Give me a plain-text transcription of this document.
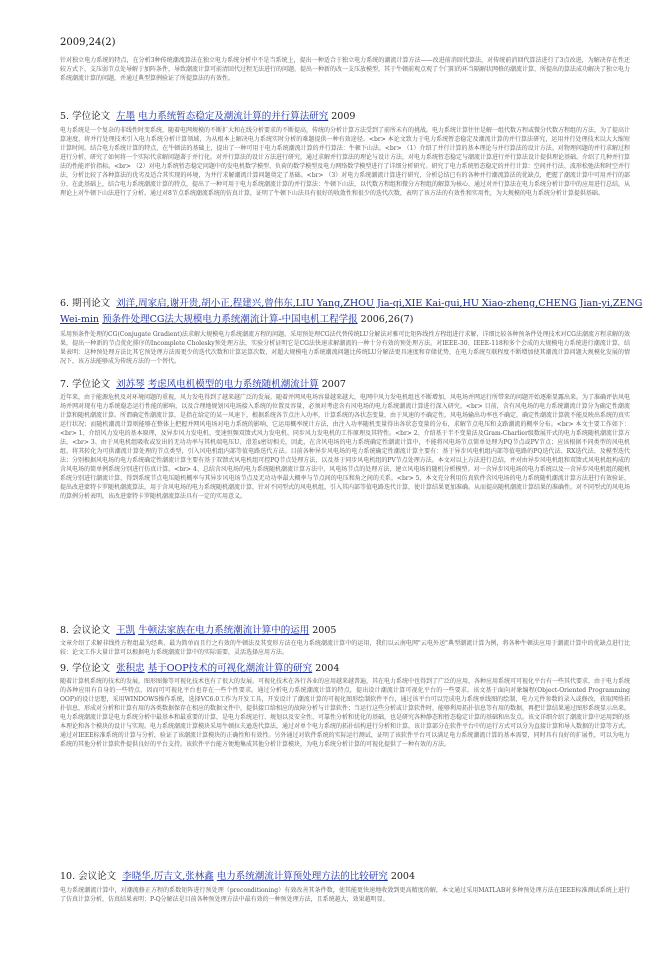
2009,24(2)
针对独立电力系统的特点，在分析3种传统潮流算法在独立电力系统分析中不是当系统上，提出一种适合于独立电力系统的潮流计算方法——改进前消回代算法，对传统前消回代算法进行了3点改进，为解决存在性还较方式下，支压弱节点处导解于加阵条件，导致潮流计算可前清回代过程无法进行的问题，提出一种新的改一支压放模型，其于牛顿前观点观了个门阳的环当隔解状网格的潮流计算，所提出的算法成功解决了独立电力系统潮流计算的问题，并通过典型算例验证了所提算法的有效性。
5. 学位论文 左墨 电力系统暂态稳定及潮流计算的并行算法研究 2009
电力系统是一个复杂的非线性时变系统，随着电网规模的不断扩大和在线分析要求的不断提高，传统的分析计算方法受到了前所未有的挑战。电力系统计算往往是解一组代数方程或微分代数方程组的方法，为了提高计算速度，将并行处理技术引入电力系统分析计算领域，为从根本上解决电力系统实时分析的难题提供一种有效途径。<br> 本论文致力于电力系统暂态稳定及潮流计算的并行算法研究，运用并行处理技术以大大缩短计算时间。结合电力系统计算的特点，在牛顿法的基础上，提出了一种可用于电力系统潮流计算的并行算法：牛顿下山法。<br> （1）介绍了并行计算的基本理论与并行算法的设计方法。对物理问题的并行求解过程进行分析，研究了如何将一个实际代求解问题著于并行化。对并行算法的设计方法进行研究，通过求解并行算法的理论与设计方法，对电力系统暂态稳定与潮流计算进行并行算法设计提供理论基础。介绍了几种并行算法的性能评价指标。<br> （2）对电力系统暂态稳定问题中的发电机数学模型、负荷的数学模型及电力网络数学模型进行了详细分析研究。研究了电力系统暂态稳定的并行计算：空间并行法、波形松弛法和时空并行法，分析比较了各种算法的优劣及适合其实现的环境，为并行求解潮流计算问题奠定了基础。<br> （3）对电力系统潮流计算进行研究，分析总结已有的各种并行潮流算法的优缺点，把握了潮流计算中可用并行的部分，在此基础上，结合电力系统潮流计算的特点，提出了一种可用于电力系统潮流计算的并行算法：牛顿下山法，以代数方程组和微分方程组的解算为核心，通过对并行算法在电力系统分析计算中的应用进行总结，从理论上对牛顿下山法进行了分析。通过对8节点系统潮流系统的仿真计算，证明了牛顿下山法具有很好的收敛性和很少的迭代次数，表明了该方法的有效性和实用性，为大规模的电力系统分析计算提供基础。
6. 期刊论文 刘洋,周家启,谢开贵,胡小正,程建兴,曾伟东,LIU Yang,ZHOU Jia-qi,XIE Kai-gui,HU Xiao-zheng,CHENG Jian-yi,ZENG Wei-min 预条件处理CG法大规模电力系统潮流计算-中国电机工程学报 2006,26(7)
采用预条件处理的CG(Conjugate Gradient)法求解大规模电力系统潮流方程的问题。采用预处理CG法代替传统LU分解法对雅可比矩阵线性方程组进行求解，详细比较各种预条件处理技术对CG法潮流方程求解的效果，提出一种新的节点优化排序的Incomplete Cholesky预处理方法，实验分析证明它是CG法快速求解潮流的一种十分有效的预处理方法。对IEEE-30、IEEE-118和多个会成的大规模电力系统进行潮流计算，结果表明：这种预处理方法比其它预处理方法需更少的迭代次数和计算运算次数，对超大规模电力系统潮流问题比传统LU分解法更具速度和存储优势，在电力系统互联程度不断增加使其潮流计算问题大规模化发展的情况下，该方法能够成为传统方法的一个替代。
7. 学位论文 刘苏琴 考虑风电机模型的电力系统随机潮流计算 2007
近年来，由于能源危机及对环境问题的重视，风力发电得到了越来越广泛的发展。随着并网风电场容量越来越大，电网中风力发电机组也不断增加，风电场并网运行所带来的问题开始逐渐显露出来。为了准确评估风电场并网对现有电力系统稳态运行性能的影响，以及合理地规划风电场接入系统的位置及容量，必须对考虑含有风电场的电力系统潮流计算进行深入研究。<br> 目前，含有风电场的电力系统潮流计算分为确定性潮流计算和随机潮流计算。所谓确定性潮流计算，是指在给定的某一风速下，根据系统各节点注入功率，计算系统的各状态变量，由于风速的不确定性，风电场输出功率也不确定，确定性潮流计算就不能反映出系统的真实运行状况；而随机潮流计算则能够在整体上把握并网风电场对电力系统的影响，它运用概率统计方法，由注入功率随机变量得出各状态变量的分布，求解节点电压和支路潮流的概率分布。<br> 本文主要工作如下：<br> 1、介绍风力发电的基本原理，及异步风力发电机、变速恒频双馈式风力发电机、同步风力发电机的工作原理及其特性。<br> 2、介绍基于半不变量法及Gram-Charlier级数展开式的电力系统随机潮流计算方法。<br> 3、由于风电机组吸收或发出的无功功率与其机端电压U、滑差s密切相关，因此，在含风电场的电力系统确定性潮流计算中，不能将风电场节点简单处理为PQ节点或PV节点；应该根据不同类型的风电机组，将其转化为可供潮流计算处理的节点类型，引入风电机组内部等值电路迭代方法。目前各种异步风电场的电力系统确定性潮流计算主要有：基于异步风电机组内部等值电路的PQ迭代法、RX迭代法、及模型迭代法；分别根据风电场的电力系统确定性潮流计算主要有基于双馈式风电机组可控PQ节点处理方法，以及基于同步风电机组的PV节点处理方法。本文对以上方法进行总结，并对由异步风电机组和双馈式风电机组构成的含风电场的简单例系统分别进行仿真计算。<br> 4、总结含风电场的电力系统随机潮流计算方法中，风电场节点的处理方法，建立风电场的随机分析模型。对一含异步风电场的电力系统以及一含异步风电机组的随机系统分别进行潮流计算，得到系统节点电压随机概率与其异步风电场节点及无功功率最大概率与节点间的电压和角之间的关系。<br> 5、本文充分利用仿真软件含风电场的电力系统随机潮流计算方法进行有效验证，提出改进蒙特卡罗随机潮流算法，用于含风电场的电力系统随机潮流计算，针对不同型式的风电机组，引入其内部等值电路迭代计算，使计算结果更加准确。从而提高随机潮流计算结果的准确性。对不同型式的风电场的算例分析表明，该改进蒙特卡罗随机潮流算法具有一定的实用意义。
8. 会议论文 王凯 牛顿法家族在电力系统潮流计算中的运用 2005
文章介绍了求解非线性方程组最为经典、最为简单而且行之有效的牛顿法及其变形方法在电力系统潮流计算中的运用，我们以云南电网"云电外送"典型潮流计算为例，将各种牛顿法应用于潮流计算中的优缺点进行比较：论文工作大量计算可以根据电力系统潮流计算中的实际需要，灵活选择应用方法。
9. 学位论文 张积忠 基于OOP技术的可视化潮流计算的研究 2004
随着计算机系统的技术的发展，图形图像等可视化技术也有了很大的发展。可视化技术在各行各业的应用越来越普遍，其在电力系统中也得到了广泛的应用，各种应用系统可可视化平台有一些其代要求，由于电力系统的各种应用有自身的一些特点，因而可可视化平台也存在一些个性要求。通过分析电力系统潮流计算的特点，提出设计潮流计算可视化平台的一些要求。该文基于面向对象编程(Object-Oriented Programming OOP)的设计思想，采用WINDOWS操作系统，选择VC6.0工作为开发工具，开发设计了潮流计算的可视化图形绘制软件平台，通过该平台可以完成电力系统单线图的绘制，电力元件参数的录入或修改，获取网络拓扑信息，形成对分析和计算有用的各类数据保存在相应的数据文件中，提供接口给相应的故障分析与计算软件；当运行这些分析或计算软件时，能够利用拓扑信息等有用的数据，再把计算结果通过图形系统显示出来。电力系统潮流计算是电力系统分析中最基本和最重要的计算，是电力系统运行、规划以及安全性、可靠性分析和优化的基础，也是研究各种静态和暂态稳定计算的基础和出发点。该文详细介绍了潮流计算中运用到的基本理论和各个模块的设计与实现。电力系统潮流计算模块采用牛顿拉夫逊迭代算法，通过对单个电力系统的拓扑结构进行分析和计算，该计算部分在软件平台中的运行方式可以分为直接计算和导入数据的计算等方式。通过对IEEE标准系统的计算与分析，验证了该潮流计算模块的正确性和有效性。另外通过对软件系统的实际运行测试，证明了该软件平台可以满足电力系统潮流计算的基本需要，同时具有良好的扩展性，可以为电力系统的其他分析计算软件提供良好的平台支持。该软件平台能方便地集成其他分析计算模块，为电力系统分析计算的可视化提供了一种有效的方法。
10. 会议论文 李晓华,厉吉文,张林鑫 电力系统潮流计算预处理方法的比较研究 2004
电力系统潮流计算中，对潮流修正方程的系数矩阵进行预处理（preconditioning）有效改善其条件数，使其能更快速地收敛到更高精度的解，本文通过采用MATLAB对多种预处理方法在IEEE标准测试系统上进行了仿真计算分析，仿真结果表明：P-Q分解法是目前各种预处理方法中最有效的一种预处理方法，且系统越大，效果越明显。
